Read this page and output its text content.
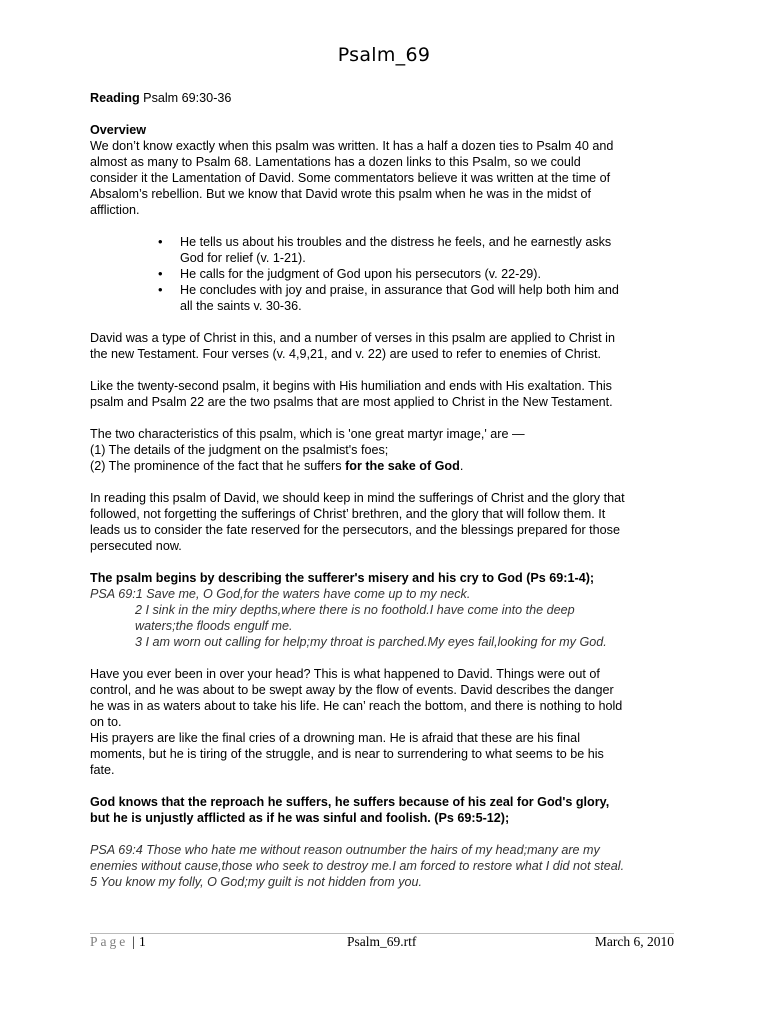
Psalm_69

Reading Psalm 69:30-36

Overview
We don’t know exactly when this psalm was written. It has a half a dozen ties to Psalm 40 and
almost as many to Psalm 68. Lamentations has a dozen links to this Psalm, so we could
consider it the Lamentation of David. Some commentators believe it was written at the time of
Absalom’s rebellion. But we know that David wrote this psalm when he was in the midst of
affliction.

• He tells us about his troubles and the distress he feels, and he earnestly asks
God for relief (v. 1-21).
• He calls for the judgment of God upon his persecutors (v. 22-29).
• He concludes with joy and praise, in assurance that God will help both him and
all the saints v. 30-36.

David was a type of Christ in this, and a number of verses in this psalm are applied to Christ in
the new Testament. Four verses (v. 4,9,21, and v. 22) are used to refer to enemies of Christ.

Like the twenty-second psalm, it begins with His humiliation and ends with His exaltation. This
psalm and Psalm 22 are the two psalms that are most applied to Christ in the New Testament.

The two characteristics of this psalm, which is 'one great martyr image,' are —
(1) The details of the judgment on the psalmist's foes;
(2) The prominence of the fact that he suffers for the sake of God.

In reading this psalm of David, we should keep in mind the sufferings of Christ and the glory that
followed, not forgetting the sufferings of Christ’ brethren, and the glory that will follow them. It
leads us to consider the fate reserved for the persecutors, and the blessings prepared for those
persecuted now.

The psalm begins by describing the sufferer's misery and his cry to God (Ps 69:1-4);
PSA 69:1 Save me, O God,for the waters have come up to my neck.
2 I sink in the miry depths,where there is no foothold.I have come into the deep
waters;the floods engulf me.
3 I am worn out calling for help;my throat is parched.My eyes fail,looking for my God.

Have you ever been in over your head? This is what happened to David. Things were out of
control, and he was about to be swept away by the flow of events. David describes the danger
he was in as waters about to take his life. He can’ reach the bottom, and there is nothing to hold
on to.
His prayers are like the final cries of a drowning man. He is afraid that these are his final
moments, but he is tiring of the struggle, and is near to surrendering to what seems to be his
fate.

God knows that the reproach he suffers, he suffers because of his zeal for God's glory,
but he is unjustly afflicted as if he was sinful and foolish. (Ps 69:5-12);

PSA 69:4 Those who hate me without reason outnumber the hairs of my head;many are my
enemies without cause,those who seek to destroy me.I am forced to restore what I did not steal.
5 You know my folly, O God;my guilt is not hidden from you.

Page | 1	Psalm_69.rtf	March 6, 2010
